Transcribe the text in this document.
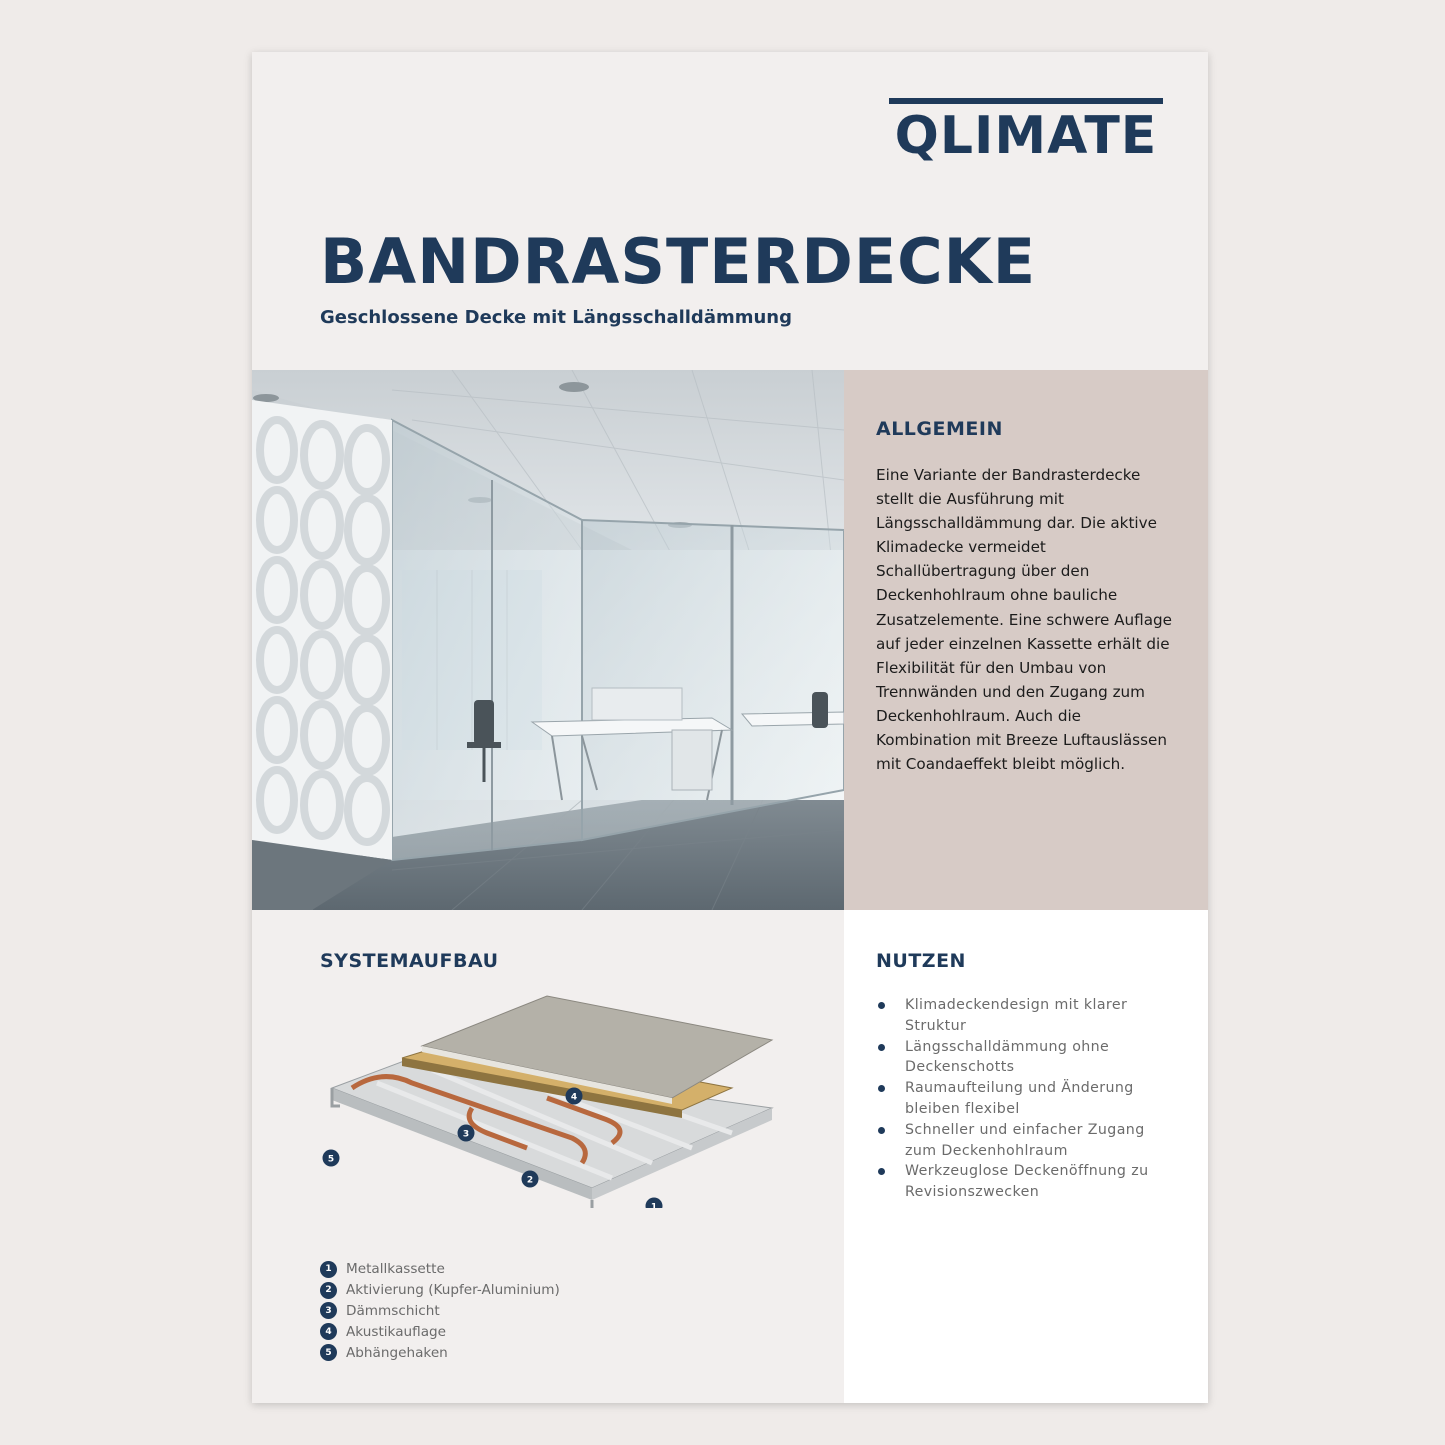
QLIMATE
BANDRASTERDECKE
Geschlossene Decke mit Längsschalldämmung
ALLGEMEIN

Eine Variante der Bandrasterdecke stellt die Ausführung mit Längsschalldämmung dar. Die aktive Klimadecke vermeidet Schallübertragung über den Deckenhohlraum ohne bauliche Zusatzelemente. Eine schwere Auflage auf jeder einzelnen Kassette erhält die Flexibilität für den Umbau von Trennwänden und den Zugang zum Deckenhohlraum. Auch die Kombination mit Breeze Luftauslässen mit Coandaeffekt bleibt möglich.

SYSTEMAUFBAU
4
3
5
2
1
1	Metallkassette
2	Aktivierung (Kupfer-Aluminium)
3	Dämmschicht
4	Akustikauflage
5	Abhängehaken
NUTZEN
Klimadeckendesign mit klarer Struktur
Längsschalldämmung ohne Deckenschotts
Raumaufteilung und Änderung bleiben flexibel
Schneller und einfacher Zugang zum Deckenhohlraum
Werkzeuglose Deckenöffnung zu Revisionszwecken
